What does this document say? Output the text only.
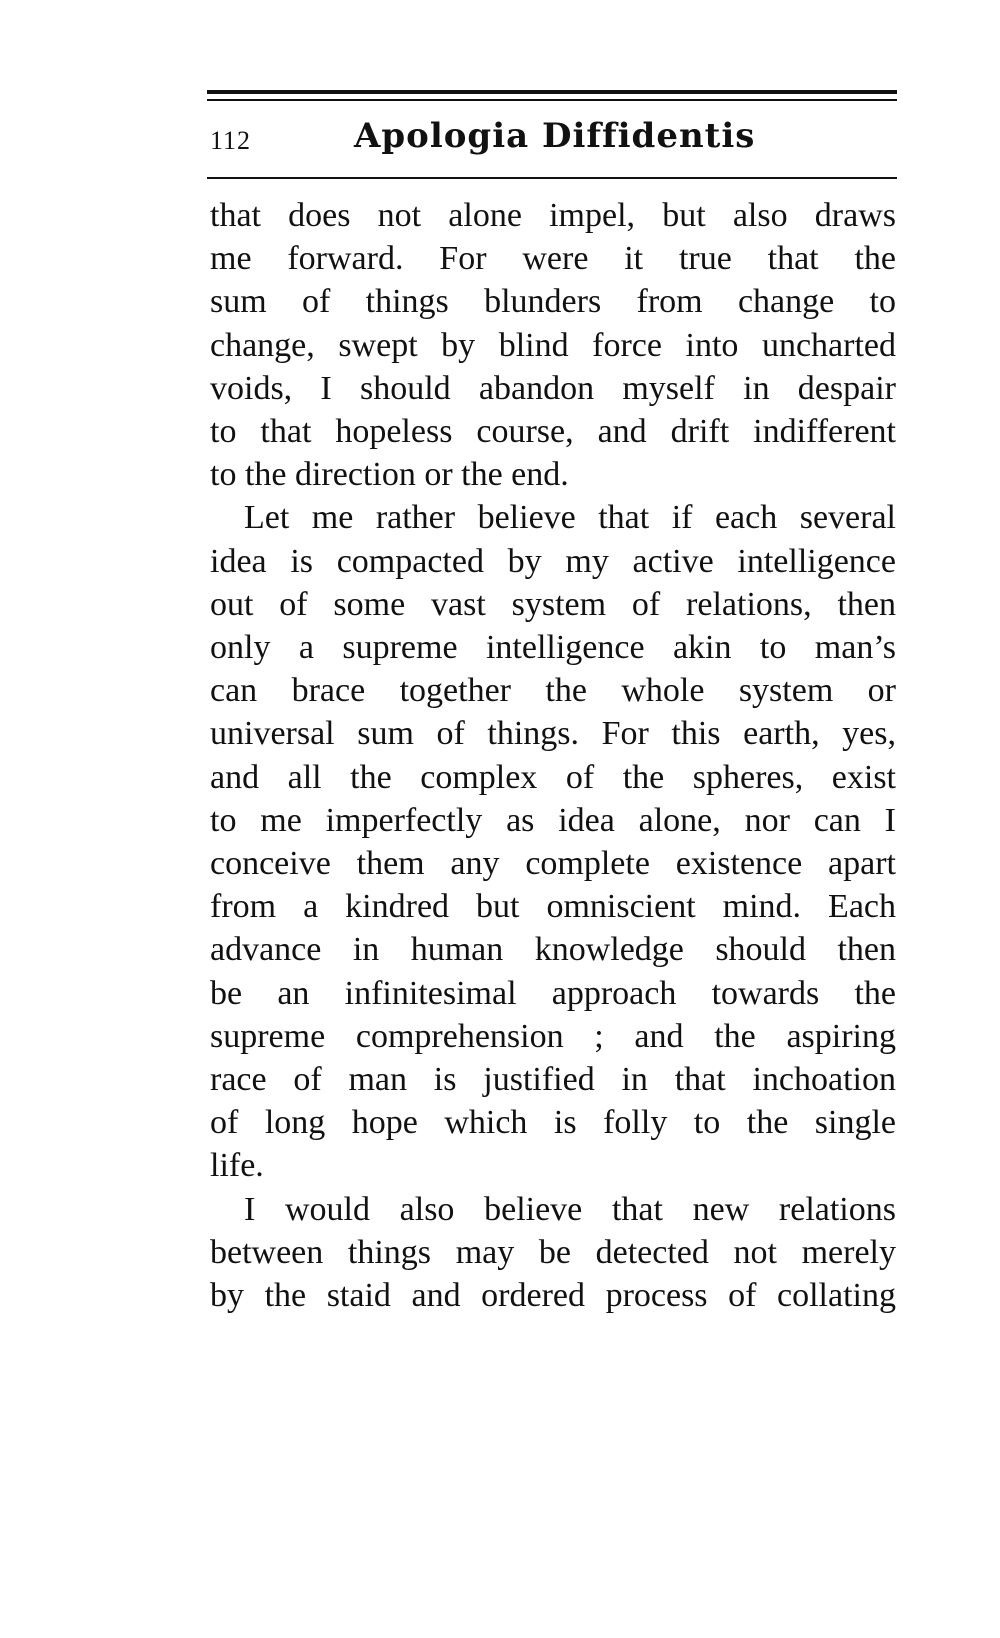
112	Apologia Diffidentis
that does not alone impel, but also draws
me forward. For were it true that the
sum of things blunders from change to
change, swept by blind force into uncharted
voids, I should abandon myself in despair
to that hopeless course, and drift indifferent
to the direction or the end.
Let me rather believe that if each several
idea is compacted by my active intelligence
out of some vast system of relations, then
only a supreme intelligence akin to man’s
can brace together the whole system or
universal sum of things. For this earth, yes,
and all the complex of the spheres, exist
to me imperfectly as idea alone, nor can I
conceive them any complete existence apart
from a kindred but omniscient mind. Each
advance in human knowledge should then
be an infinitesimal approach towards the
supreme comprehension ; and the aspiring
race of man is justified in that inchoation
of long hope which is folly to the single
life.
I would also believe that new relations
between things may be detected not merely
by the staid and ordered process of collating
